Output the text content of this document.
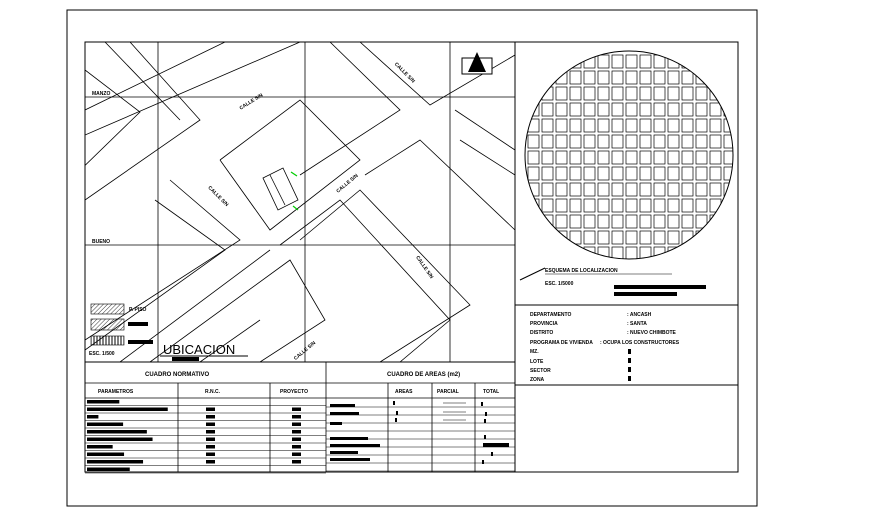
CALLE S/N
CALLE S/N
CALLE S/N
CALLE S/N
CALLE S/N
CALLE S/N
MANZO
BUENO
P. PISO
ESC. 1/500	UBICACION
ESQUEMA DE LOCALIZACION
ESC. 1/5000
DEPARTAMENTO	: ANCASH
PROVINCIA	: SANTA
DISTRITO	: NUEVO CHIMBOTE
PROGRAMA DE VIVIENDA : OCUPA LOS CONSTRUCTORES
MZ.
LOTE
SECTOR
ZONA
CUADRO NORMATIVO
PARAMETROS	R.N.C.	PROYECTO
CUADRO DE AREAS (m2)
AREAS	PARCIAL	TOTAL
